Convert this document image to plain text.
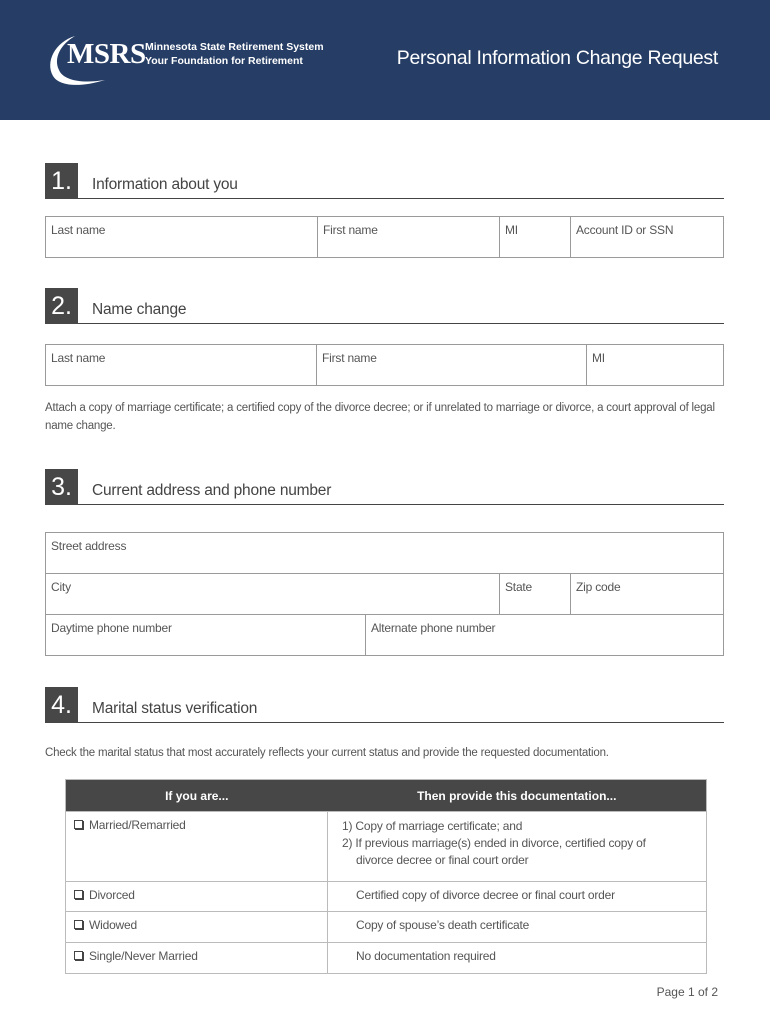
MSRS Minnesota State Retirement System
Your Foundation for Retirement	Personal Information Change Request
1.	Information about you
Last name	First name	MI	Account ID or SSN
2.	Name change
Last name	First name	MI
Attach a copy of marriage certificate; a certified copy of the divorce decree; or if unrelated to marriage or divorce, a court approval of legal name change.
3.	Current address and phone number
Street address
City	State	Zip code
Daytime phone number	Alternate phone number
4.	Marital status verification
Check the marital status that most accurately reflects your current status and provide the requested documentation.
If you are...	Then provide this documentation...
Married/Remarried	1) Copy of marriage certificate; and
2) If previous marriage(s) ended in divorce, certified copy of
divorce decree or final court order

Divorced	Certified copy of divorce decree or final court order
Widowed	Copy of spouse’s death certificate
Single/Never Married	No documentation required
Page 1 of 2
